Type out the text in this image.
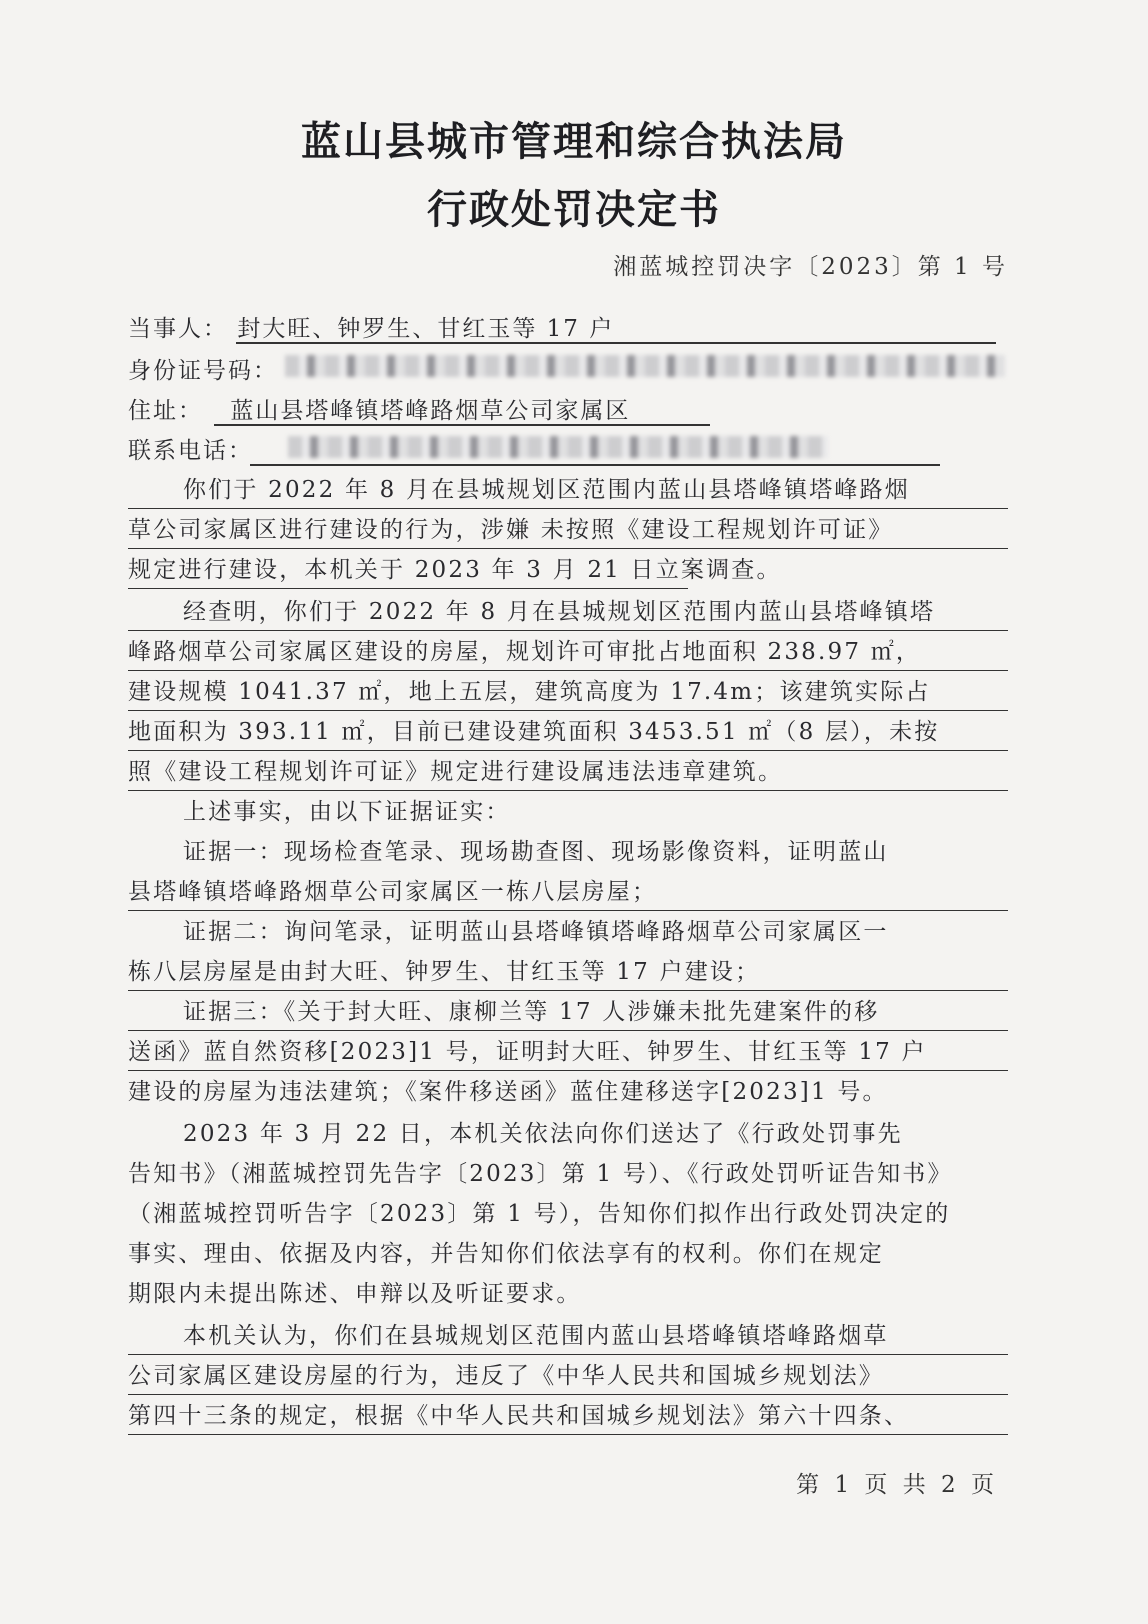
蓝山县城市管理和综合执法局
行政处罚决定书
湘蓝城控罚决字〔2023〕第 1 号
当事人： 封大旺、钟罗生、甘红玉等 17 户
身份证号码：
住址： 蓝山县塔峰镇塔峰路烟草公司家属区
联系电话：
你们于 2022 年 8 月在县城规划区范围内蓝山县塔峰镇塔峰路烟
草公司家属区进行建设的行为，涉嫌 未按照《建设工程规划许可证》
规定进行建设，本机关于 2023 年 3 月 21 日立案调查。
经查明，你们于 2022 年 8 月在县城规划区范围内蓝山县塔峰镇塔
峰路烟草公司家属区建设的房屋，规划许可审批占地面积 238.97 ㎡，
建设规模 1041.37 ㎡，地上五层，建筑高度为 17.4m；该建筑实际占
地面积为 393.11 ㎡，目前已建设建筑面积 3453.51 ㎡（8 层），未按
照《建设工程规划许可证》规定进行建设属违法违章建筑。
上述事实，由以下证据证实：
证据一：现场检查笔录、现场勘查图、现场影像资料，证明蓝山
县塔峰镇塔峰路烟草公司家属区一栋八层房屋；
证据二：询问笔录，证明蓝山县塔峰镇塔峰路烟草公司家属区一
栋八层房屋是由封大旺、钟罗生、甘红玉等 17 户建设；
证据三：《关于封大旺、康柳兰等 17 人涉嫌未批先建案件的移
送函》蓝自然资移[2023]1 号，证明封大旺、钟罗生、甘红玉等 17 户
建设的房屋为违法建筑；《案件移送函》蓝住建移送字[2023]1 号。
2023 年 3 月 22 日，本机关依法向你们送达了《行政处罚事先
告知书》（湘蓝城控罚先告字〔2023〕第 1 号）、《行政处罚听证告知书》
（湘蓝城控罚听告字〔2023〕第 1 号），告知你们拟作出行政处罚决定的
事实、理由、依据及内容，并告知你们依法享有的权利。你们在规定
期限内未提出陈述、申辩以及听证要求。
本机关认为，你们在县城规划区范围内蓝山县塔峰镇塔峰路烟草
公司家属区建设房屋的行为，违反了《中华人民共和国城乡规划法》
第四十三条的规定，根据《中华人民共和国城乡规划法》第六十四条、
第 1 页 共 2 页
